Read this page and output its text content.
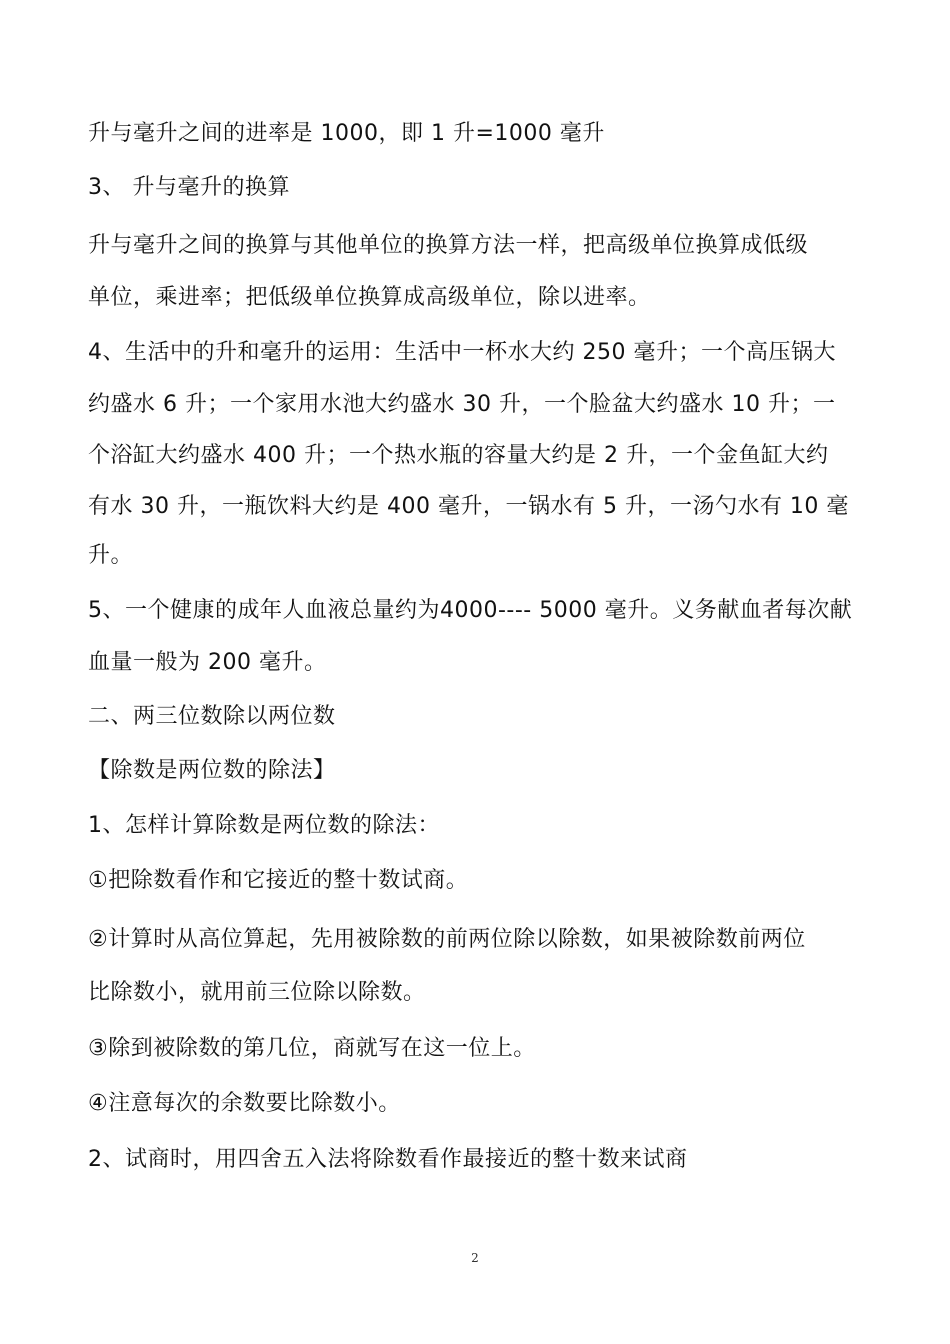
升与毫升之间的进率是 1000，即 1 升=1000 毫升
3、 升与毫升的换算
升与毫升之间的换算与其他单位的换算方法一样，把高级单位换算成低级
单位，乘进率；把低级单位换算成高级单位，除以进率。
4、生活中的升和毫升的运用：生活中一杯水大约 250 毫升；一个高压锅大
约盛水 6 升；一个家用水池大约盛水 30 升，一个脸盆大约盛水 10 升；一
个浴缸大约盛水 400 升；一个热水瓶的容量大约是 2 升，一个金鱼缸大约
有水 30 升，一瓶饮料大约是 400 毫升，一锅水有 5 升，一汤勺水有 10 毫
升。
5、一个健康的成年人血液总量约为4000---- 5000 毫升。义务献血者每次献
血量一般为 200 毫升。
二、两三位数除以两位数
【除数是两位数的除法】
1、怎样计算除数是两位数的除法：
①把除数看作和它接近的整十数试商。
②计算时从高位算起，先用被除数的前两位除以除数，如果被除数前两位
比除数小，就用前三位除以除数。
③除到被除数的第几位，商就写在这一位上。
④注意每次的余数要比除数小。
2、试商时，用四舍五入法将除数看作最接近的整十数来试商
2
